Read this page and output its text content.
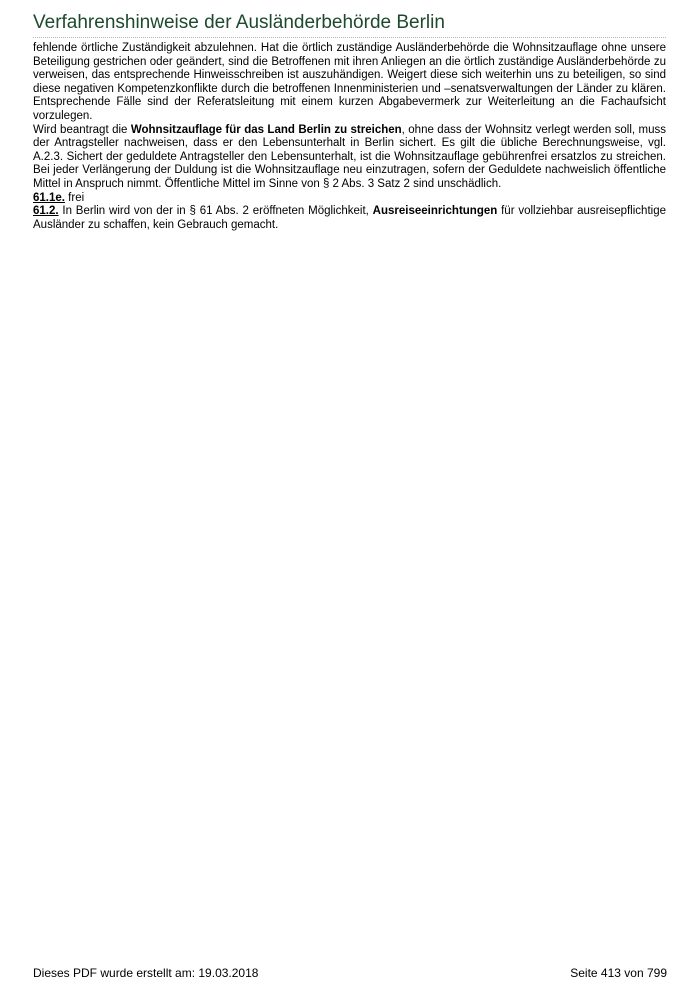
Verfahrenshinweise der Ausländerbehörde Berlin

fehlende örtliche Zuständigkeit abzulehnen. Hat die örtlich zuständige Ausländerbehörde die Wohnsitzauflage ohne unsere Beteiligung gestrichen oder geändert, sind die Betroffenen mit ihren Anliegen an die örtlich zuständige Ausländerbehörde zu verweisen, das entsprechende Hinweisschreiben ist auszuhändigen. Weigert diese sich weiterhin uns zu beteiligen, so sind diese negativen Kompetenzkonflikte durch die betroffenen Innenministerien und –senatsverwaltungen der Länder zu klären. Entsprechende Fälle sind der Referatsleitung mit einem kurzen Abgabevermerk zur Weiterleitung an die Fachaufsicht vorzulegen.

Wird beantragt die Wohnsitzauflage für das Land Berlin zu streichen, ohne dass der Wohnsitz verlegt werden soll, muss der Antragsteller nachweisen, dass er den Lebensunterhalt in Berlin sichert. Es gilt die übliche Berechnungsweise, vgl. A.2.3. Sichert der geduldete Antragsteller den Lebensunterhalt, ist die Wohnsitzauflage gebührenfrei ersatzlos zu streichen. Bei jeder Verlängerung der Duldung ist die Wohnsitzauflage neu einzutragen, sofern der Geduldete nachweislich öffentliche Mittel in Anspruch nimmt. Öffentliche Mittel im Sinne von § 2 Abs. 3 Satz 2 sind unschädlich.

61.1e. frei

61.2. In Berlin wird von der in § 61 Abs. 2 eröffneten Möglichkeit, Ausreiseeinrichtungen für vollziehbar ausreisepflichtige Ausländer zu schaffen, kein Gebrauch gemacht.

Dieses PDF wurde erstellt am: 19.03.2018	Seite 413 von 799
